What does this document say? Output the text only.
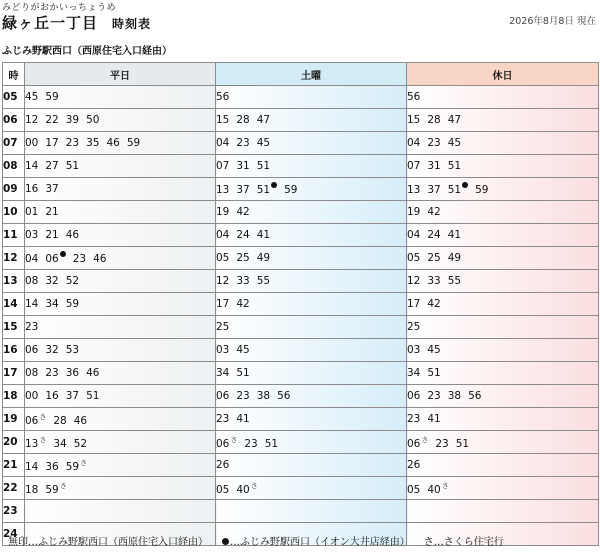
みどりがおかいっちょうめ
緑ヶ丘一丁目 時刻表	2026年8月8日 現在
ふじみ野駅西口（西原住宅入口経由）
時	平日	土曜	休日
05	45 59	56	56
06	12 22 39 50	15 28 47	15 28 47
07	00 17 23 35 46 59	04 23 45	04 23 45
08	14 27 51	07 31 51	07 31 51
09	16 37	13 37 51 59	13 37 51 59
10	01 21	19 42	19 42
11	03 21 46	04 24 41	04 24 41
12	04 06 23 46	05 25 49	05 25 49
13	08 32 52	12 33 55	12 33 55
14	14 34 59	17 42	17 42
15	23	25	25
16	06 32 53	03 45	03 45
17	08 23 36 46	34 51	34 51
18	00 16 37 51	06 23 38 56	06 23 38 56
19	$06^さ$ 28 46	23 41	23 41
20	$13^さ$ 34 52	$06^さ$ 23 51	$06^さ$ 23 51
21	14 36 $59^さ$	26	26
22	18 $59^さ$	05 $40^さ$	05 $40^さ$
23			
24			
無印…ふじみ野駅西口（西原住宅入口経由） …ふじみ野駅西口（イオン大井店経由） さ…さくら住宅行
